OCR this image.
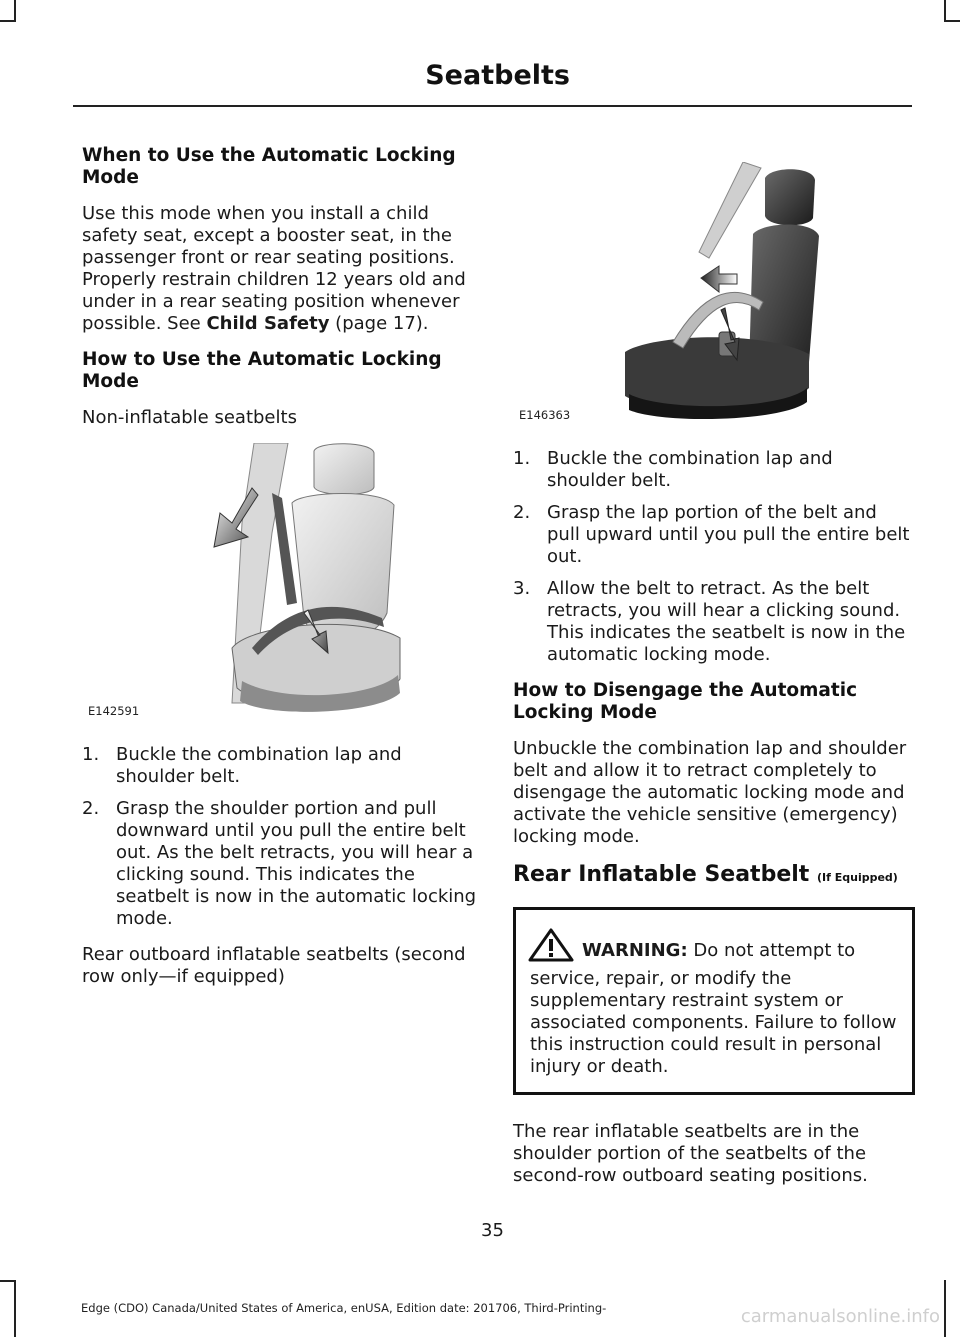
Seatbelts
When to Use the Automatic Locking Mode

Use this mode when you install a child safety seat, except a booster seat, in the passenger front or rear seating positions. Properly restrain children 12 years old and under in a rear seating position whenever possible. See Child Safety (page 17).

How to Use the Automatic Locking Mode

Non-inflatable seatbelts

E142591
1. Buckle the combination lap and shoulder belt.
2. Grasp the shoulder portion and pull downward until you pull the entire belt out. As the belt retracts, you will hear a clicking sound. This indicates the seatbelt is now in the automatic locking mode.

Rear outboard inflatable seatbelts (second row only—if equipped)

E146363
1. Buckle the combination lap and shoulder belt.
2. Grasp the lap portion of the belt and pull upward until you pull the entire belt out.
3. Allow the belt to retract. As the belt retracts, you will hear a clicking sound. This indicates the seatbelt is now in the automatic locking mode.
How to Disengage the Automatic Locking Mode

Unbuckle the combination lap and shoulder belt and allow it to retract completely to disengage the automatic locking mode and activate the vehicle sensitive (emergency) locking mode.

Rear Inflatable Seatbelt (If Equipped)

WARNING: Do not attempt to service, repair, or modify the supplementary restraint system or associated components. Failure to follow this instruction could result in personal injury or death.

The rear inflatable seatbelts are in the shoulder portion of the seatbelts of the second-row outboard seating positions.

35
Edge (CDO) Canada/United States of America, enUSA, Edition date: 201706, Third-Printing-	carmanualsonline.info
